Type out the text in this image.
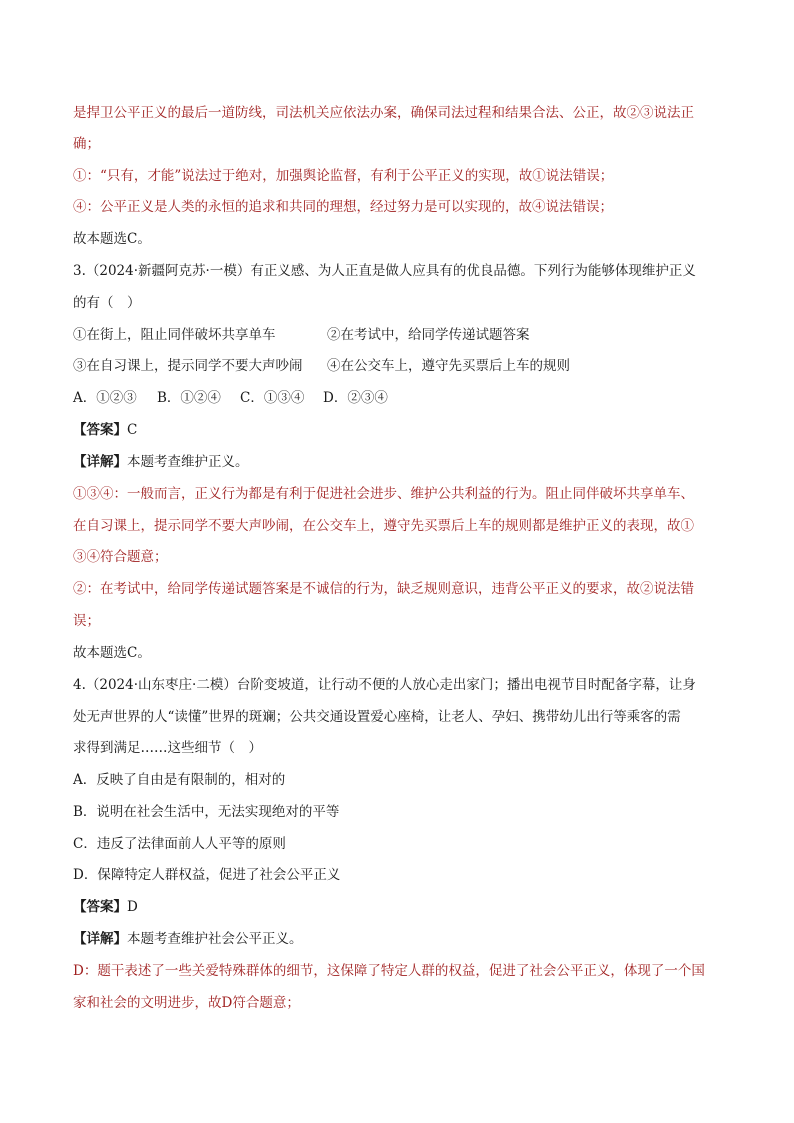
是捍卫公平正义的最后一道防线，司法机关应依法办案，确保司法过程和结果合法、公正，故②③说法正
确；
①：“只有，才能”说法过于绝对，加强舆论监督，有利于公平正义的实现，故①说法错误；
④：公平正义是人类的永恒的追求和共同的理想，经过努力是可以实现的，故④说法错误；
故本题选C。
3.（2024·新疆阿克苏·一模）有正义感、为人正直是做人应具有的优良品德。下列行为能够体现维护正义
的有（　）
①在街上，阻止同伴破坏共享单车	②在考试中，给同学传递试题答案
③在自习课上，提示同学不要大声吵闹 ④在公交车上，遵守先买票后上车的规则
A．①②③ B．①②④ C．①③④ D．②③④
【答案】C
【详解】本题考查维护正义。
①③④：一般而言，正义行为都是有利于促进社会进步、维护公共利益的行为。阻止同伴破坏共享单车、
在自习课上，提示同学不要大声吵闹，在公交车上，遵守先买票后上车的规则都是维护正义的表现，故①
③④符合题意；
②：在考试中，给同学传递试题答案是不诚信的行为，缺乏规则意识，违背公平正义的要求，故②说法错
误；
故本题选C。
4.（2024·山东枣庄·二模）台阶变坡道，让行动不便的人放心走出家门；播出电视节目时配备字幕，让身
处无声世界的人“读懂”世界的斑斓；公共交通设置爱心座椅，让老人、孕妇、携带幼儿出行等乘客的需
求得到满足……这些细节（　）
A．反映了自由是有限制的，相对的
B．说明在社会生活中，无法实现绝对的平等
C．违反了法律面前人人平等的原则
D．保障特定人群权益，促进了社会公平正义
【答案】D
【详解】本题考查维护社会公平正义。
D：题干表述了一些关爱特殊群体的细节，这保障了特定人群的权益，促进了社会公平正义，体现了一个国
家和社会的文明进步，故D符合题意；
